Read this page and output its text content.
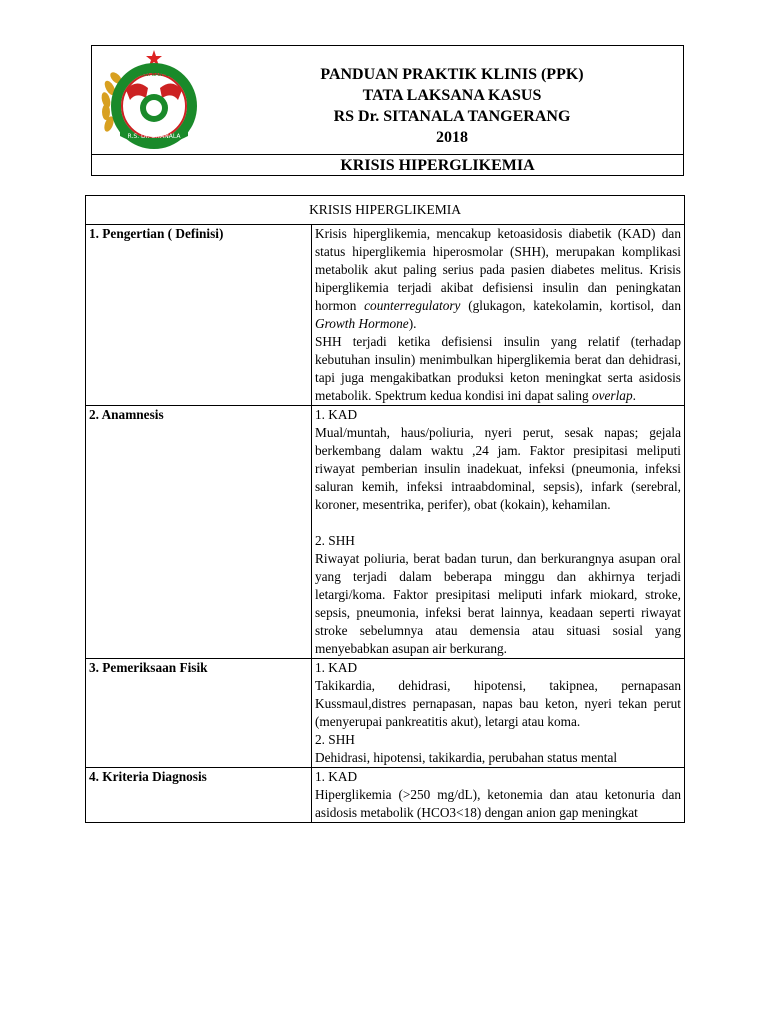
R.S. Dr. SITANALA
PROV. BANTEN	PANDUAN PRAKTIK KLINIS (PPK)
TATA LAKSANA KASUS
RS Dr. SITANALA TANGERANG
2018
KRISIS HIPERGLIKEMIA
KRISIS HIPERGLIKEMIA	
1. Pengertian ( Definisi)	Krisis hiperglikemia, mencakup ketoasidosis diabetik (KAD) dan status hiperglikemia hiperosmolar (SHH), merupakan komplikasi metabolik akut paling serius pada pasien diabetes melitus. Krisis hiperglikemia terjadi akibat defisiensi insulin dan peningkatan hormon counterregulatory (glukagon, katekolamin, kortisol, dan Growth Hormone).

SHH terjadi ketika defisiensi insulin yang relatif (terhadap kebutuhan insulin) menimbulkan hiperglikemia berat dan dehidrasi, tapi juga mengakibatkan produksi keton meningkat serta asidosis metabolik. Spektrum kedua kondisi ini dapat saling overlap.

2. Anamnesis	1. KAD

Mual/muntah, haus/poliuria, nyeri perut, sesak napas; gejala berkembang dalam waktu ,24 jam. Faktor presipitasi meliputi riwayat pemberian insulin inadekuat, infeksi (pneumonia, infeksi saluran kemih, infeksi intraabdominal, sepsis), infark (serebral, koroner, mesentrika, perifer), obat (kokain), kehamilan.

2. SHH

Riwayat poliuria, berat badan turun, dan berkurangnya asupan oral yang terjadi dalam beberapa minggu dan akhirnya terjadi letargi/koma. Faktor presipitasi meliputi infark miokard, stroke, sepsis, pneumonia, infeksi berat lainnya, keadaan seperti riwayat stroke sebelumnya atau demensia atau situasi sosial yang menyebabkan asupan air berkurang.

3. Pemeriksaan Fisik	1. KAD

Takikardia, dehidrasi, hipotensi, takipnea, pernapasan Kussmaul,distres pernapasan, napas bau keton, nyeri tekan perut (menyerupai pankreatitis akut), letargi atau koma.

2. SHH

Dehidrasi, hipotensi, takikardia, perubahan status mental

4. Kriteria Diagnosis	1. KAD

Hiperglikemia (>250 mg/dL), ketonemia dan atau ketonuria dan asidosis metabolik (HCO3<18) dengan anion gap meningkat
